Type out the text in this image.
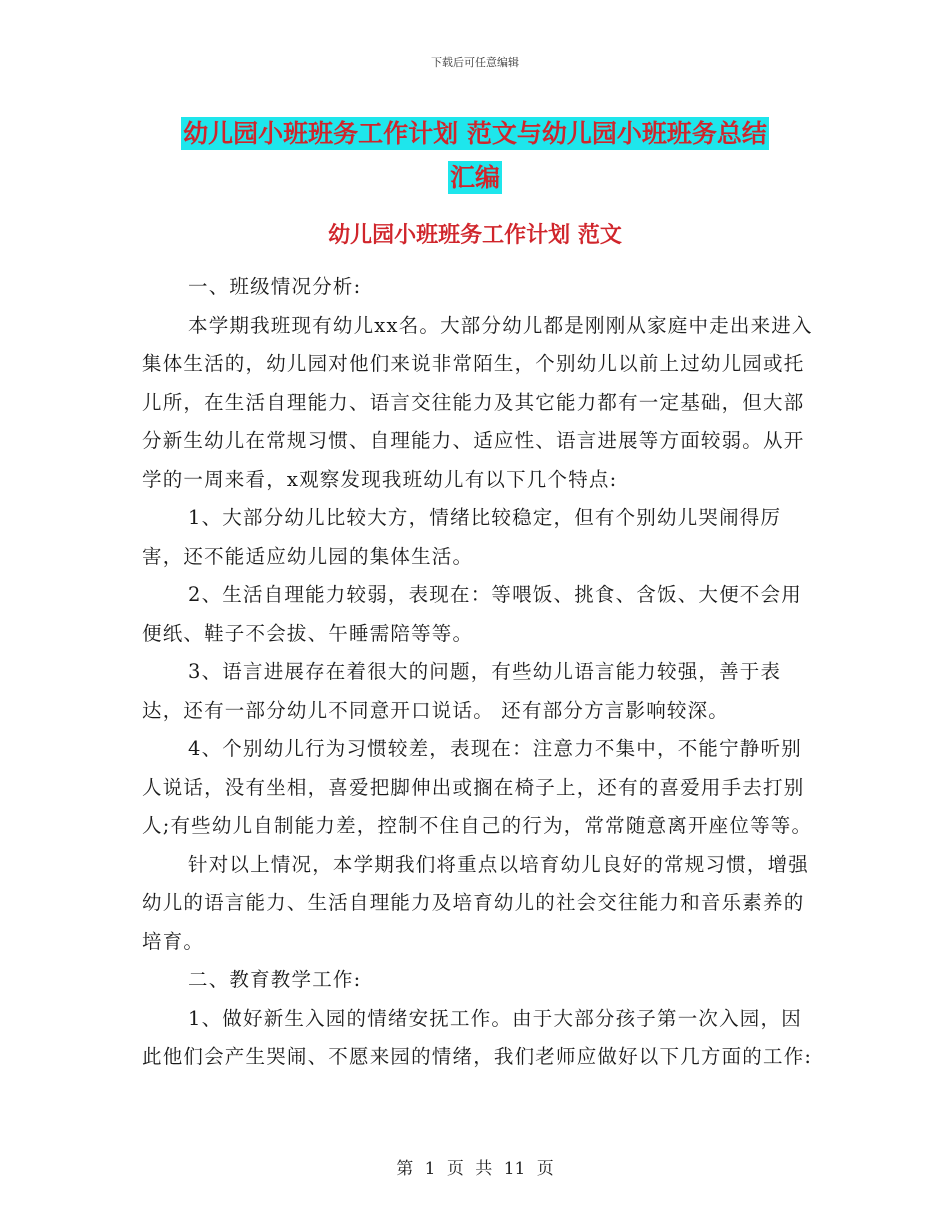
下载后可任意编辑
幼儿园小班班务工作计划 范文与幼儿园小班班务总结
汇编
幼儿园小班班务工作计划 范文

一、班级情况分析:

本学期我班现有幼儿xx名。大部分幼儿都是刚刚从家庭中走出来进入集体生活的，幼儿园对他们来说非常陌生，个别幼儿以前上过幼儿园或托儿所，在生活自理能力、语言交往能力及其它能力都有一定基础，但大部分新生幼儿在常规习惯、自理能力、适应性、语言进展等方面较弱。从开学的一周来看，x观察发现我班幼儿有以下几个特点:

1、大部分幼儿比较大方，情绪比较稳定，但有个别幼儿哭闹得厉害，还不能适应幼儿园的集体生活。

2、生活自理能力较弱，表现在：等喂饭、挑食、含饭、大便不会用便纸、鞋子不会拔、午睡需陪等等。

3、语言进展存在着很大的问题，有些幼儿语言能力较强，善于表达，还有一部分幼儿不同意开口说话。 还有部分方言影响较深。

4、个别幼儿行为习惯较差，表现在：注意力不集中，不能宁静听别人说话，没有坐相，喜爱把脚伸出或搁在椅子上，还有的喜爱用手去打别人;有些幼儿自制能力差，控制不住自己的行为，常常随意离开座位等等。

针对以上情况，本学期我们将重点以培育幼儿良好的常规习惯，增强幼儿的语言能力、生活自理能力及培育幼儿的社会交往能力和音乐素养的培育。

二、教育教学工作:

1、做好新生入园的情绪安抚工作。由于大部分孩子第一次入园，因此他们会产生哭闹、不愿来园的情绪，我们老师应做好以下几方面的工作:

第 1 页 共 11 页
